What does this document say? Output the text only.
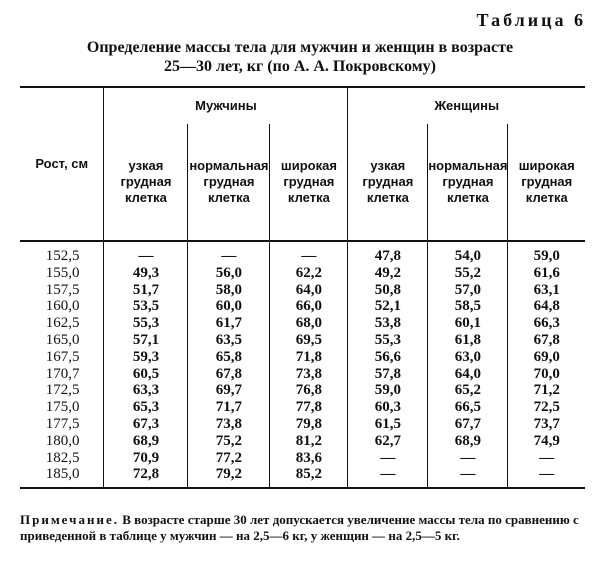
Таблица 6
Определение массы тела для мужчин и женщин в возрасте
25—30 лет, кг (по А. А. Покровскому)
Рост, см	Мужчины			Женщины		
	узкая грудная клетка	нормальная грудная клетка	широкая грудная клетка	узкая грудная клетка	нормальная грудная клетка	широкая грудная клетка
152,5	—	—	—	47,8	54,0	59,0
155,0	49,3	56,0	62,2	49,2	55,2	61,6
157,5	51,7	58,0	64,0	50,8	57,0	63,1
160,0	53,5	60,0	66,0	52,1	58,5	64,8
162,5	55,3	61,7	68,0	53,8	60,1	66,3
165,0	57,1	63,5	69,5	55,3	61,8	67,8
167,5	59,3	65,8	71,8	56,6	63,0	69,0
170,7	60,5	67,8	73,8	57,8	64,0	70,0
172,5	63,3	69,7	76,8	59,0	65,2	71,2
175,0	65,3	71,7	77,8	60,3	66,5	72,5
177,5	67,3	73,8	79,8	61,5	67,7	73,7
180,0	68,9	75,2	81,2	62,7	68,9	74,9
182,5	70,9	77,2	83,6	—	—	—
185,0	72,8	79,2	85,2	—	—	—
Примечание. В возрасте старше 30 лет допускается увеличение массы тела по сравнению с приведенной в таблице у мужчин — на 2,5—6 кг, у женщин — на 2,5—5 кг.
